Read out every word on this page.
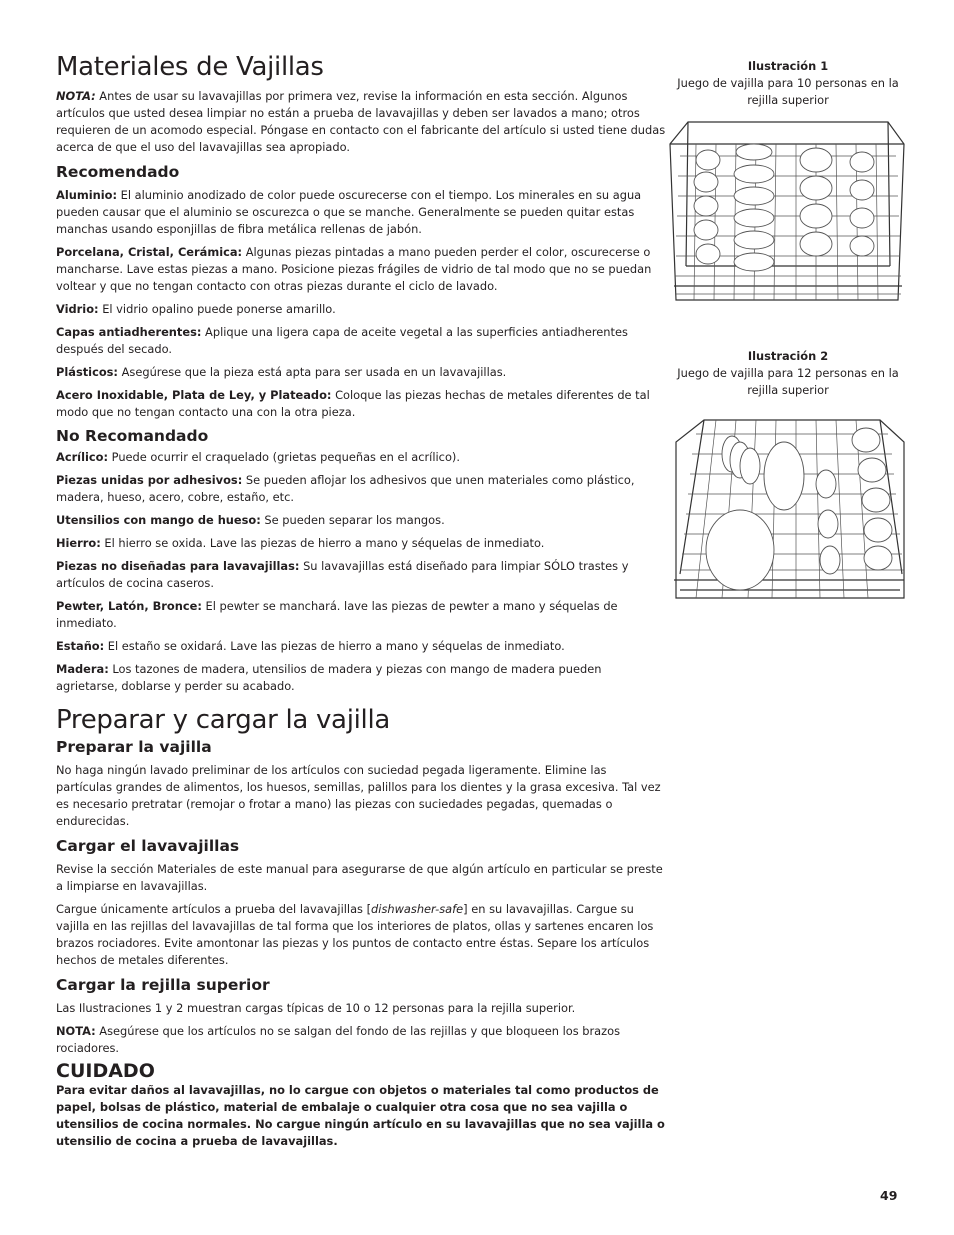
Materiales de Vajillas

NOTA: Antes de usar su lavavajillas por primera vez, revise la información en esta sección. Algunos artículos que usted desea limpiar no están a prueba de lavavajillas y deben ser lavados a mano; otros requieren de un acomodo especial. Póngase en contacto con el fabricante del artículo si usted tiene dudas acerca de que el uso del lavavajillas sea apropiado.

Recomendado

Aluminio: El aluminio anodizado de color puede oscurecerse con el tiempo. Los minerales en su agua pueden causar que el aluminio se oscurezca o que se manche. Generalmente se pueden quitar estas manchas usando esponjillas de fibra metálica rellenas de jabón.

Porcelana, Cristal, Cerámica: Algunas piezas pintadas a mano pueden perder el color, oscurecerse o mancharse. Lave estas piezas a mano. Posicione piezas frágiles de vidrio de tal modo que no se puedan voltear y que no tengan contacto con otras piezas durante el ciclo de lavado.

Vidrio: El vidrio opalino puede ponerse amarillo.

Capas antiadherentes: Aplique una ligera capa de aceite vegetal a las superficies antiadherentes después del secado.

Plásticos: Asegúrese que la pieza está apta para ser usada en un lavavajillas.

Acero Inoxidable, Plata de Ley, y Plateado: Coloque las piezas hechas de metales diferentes de tal modo que no tengan contacto una con la otra pieza.

No Recomandado

Acrílico: Puede ocurrir el craquelado (grietas pequeñas en el acrílico).

Piezas unidas por adhesivos: Se pueden aflojar los adhesivos que unen materiales como plástico, madera, hueso, acero, cobre, estaño, etc.

Utensilios con mango de hueso: Se pueden separar los mangos.

Hierro: El hierro se oxida. Lave las piezas de hierro a mano y séquelas de inmediato.

Piezas no diseñadas para lavavajillas: Su lavavajillas está diseñado para limpiar SÓLO trastes y artículos de cocina caseros.

Pewter, Latón, Bronce: El pewter se manchará. lave las piezas de pewter a mano y séquelas de inmediato.

Estaño: El estaño se oxidará. Lave las piezas de hierro a mano y séquelas de inmediato.

Madera: Los tazones de madera, utensilios de madera y piezas con mango de madera pueden agrietarse, doblarse y perder su acabado.

Preparar y cargar la vajilla
Preparar la vajilla

No haga ningún lavado preliminar de los artículos con suciedad pegada ligeramente. Elimine las partículas grandes de alimentos, los huesos, semillas, palillos para los dientes y la grasa excesiva. Tal vez es necesario pretratar (remojar o frotar a mano) las piezas con suciedades pegadas, quemadas o endurecidas.

Cargar el lavavajillas

Revise la sección Materiales de este manual para asegurarse de que algún artículo en particular se preste a limpiarse en lavavajillas.

Cargue únicamente artículos a prueba del lavavajillas [dishwasher-safe] en su lavavajillas. Cargue su vajilla en las rejillas del lavavajillas de tal forma que los interiores de platos, ollas y sartenes encaren los brazos rociadores. Evite amontonar las piezas y los puntos de contacto entre éstas. Separe los artículos hechos de metales diferentes.

Cargar la rejilla superior

Las Ilustraciones 1 y 2 muestran cargas típicas de 10 o 12 personas para la rejilla superior.

NOTA: Asegúrese que los artículos no se salgan del fondo de las rejillas y que bloqueen los brazos rociadores.

CUIDADO

Para evitar daños al lavavajillas, no lo cargue con objetos o materiales tal como productos de papel, bolsas de plástico, material de embalaje o cualquier otra cosa que no sea vajilla o utensilios de cocina normales. No cargue ningún artículo en su lavavajillas que no sea vajilla o utensilio de cocina a prueba de lavavajillas.

Ilustración 1
Juego de vajilla para 10 personas en la rejilla superior
Ilustración 2
Juego de vajilla para 12 personas en la rejilla superior
49
